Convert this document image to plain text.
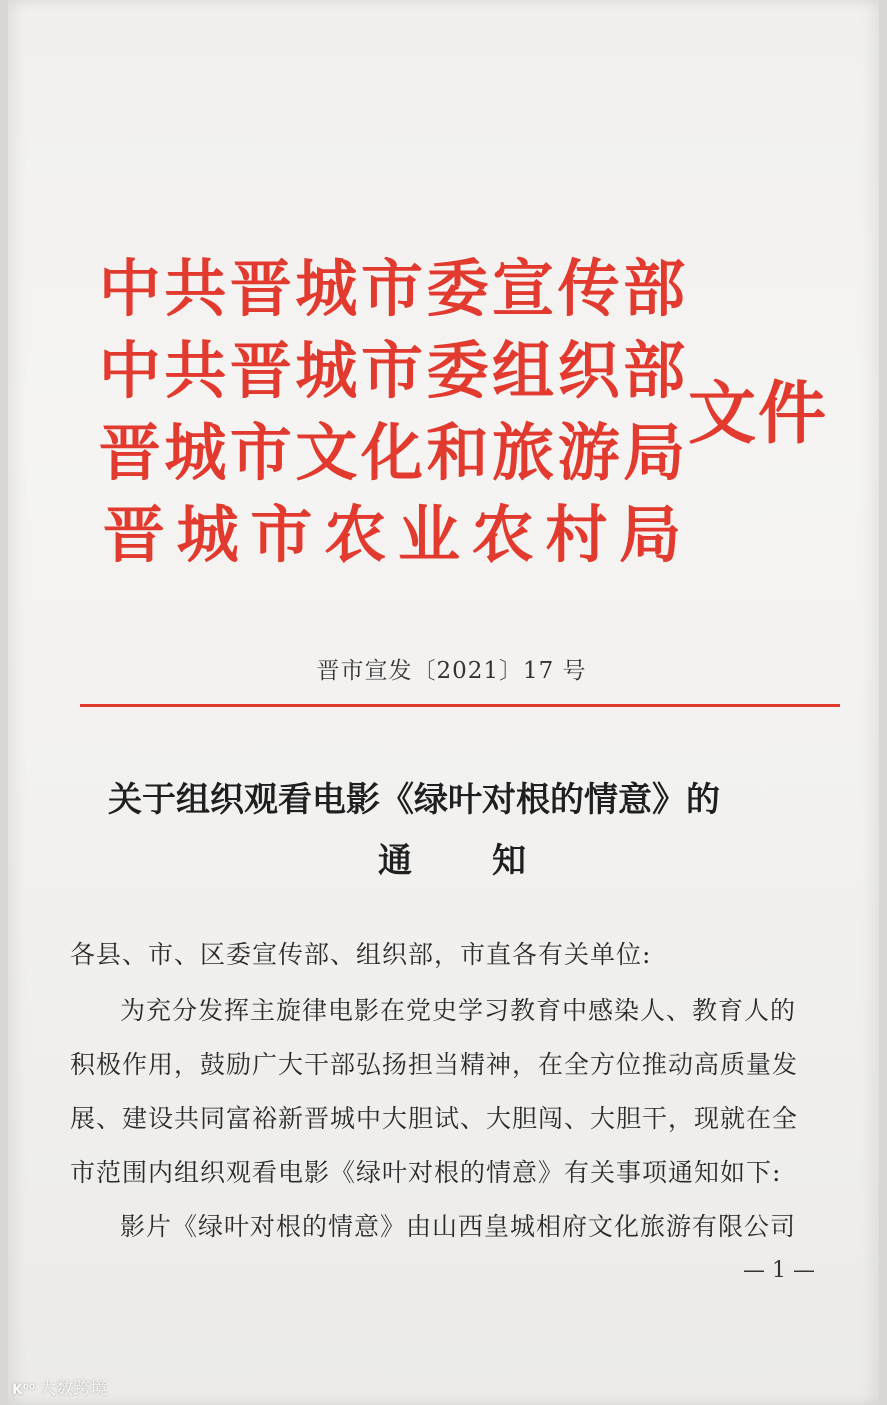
中共晋城市委宣传部
中共晋城市委组织部
晋城市文化和旅游局
晋 城 市 农 业 农 村 局
文件
晋市宣发〔2021〕17 号
关于组织观看电影《绿叶对根的情意》的
通知
各县、市、区委宣传部、组织部，市直各有关单位:
为充分发挥主旋律电影在党史学习教育中感染人、教育人的
积极作用，鼓励广大干部弘扬担当精神，在全方位推动高质量发
展、建设共同富裕新晋城中大胆试、大胆闯、大胆干，现就在全
市范围内组织观看电影《绿叶对根的情意》有关事项通知如下:
影片《绿叶对根的情意》由山西皇城相府文化旅游有限公司
— 1 —
K⁰⁰ 大数跨境
